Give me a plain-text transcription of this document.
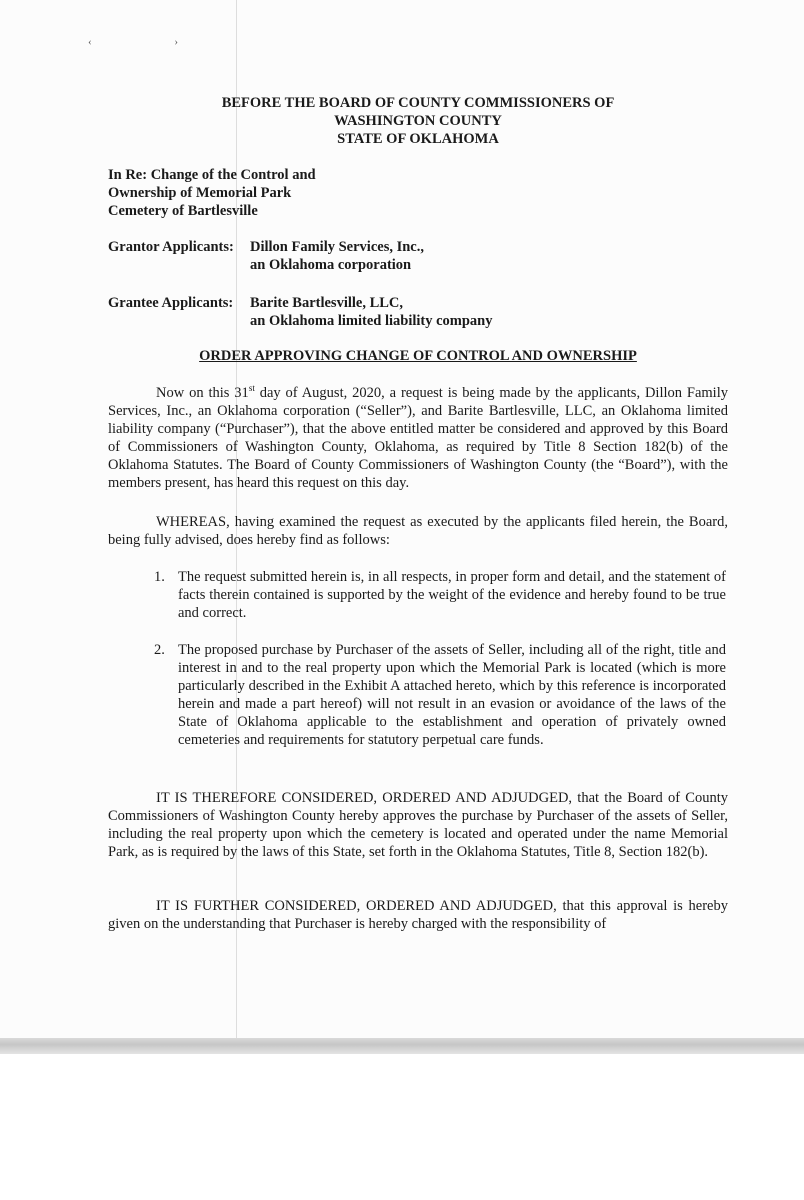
‹ ›
BEFORE THE BOARD OF COUNTY COMMISSIONERS OF
WASHINGTON COUNTY
STATE OF OKLAHOMA
In Re: Change of the Control and
Ownership of Memorial Park
Cemetery of Bartlesville
Grantor Applicants: Dillon Family Services, Inc.,
an Oklahoma corporation
Grantee Applicants: Barite Bartlesville, LLC,
an Oklahoma limited liability company
ORDER APPROVING CHANGE OF CONTROL AND OWNERSHIP

Now on this 31st day of August, 2020, a request is being made by the applicants, Dillon Family Services, Inc., an Oklahoma corporation (“Seller”), and Barite Bartlesville, LLC, an Oklahoma limited liability company (“Purchaser”), that the above entitled matter be considered and approved by this Board of Commissioners of Washington County, Oklahoma, as required by Title 8 Section 182(b) of the Oklahoma Statutes. The Board of County Commissioners of Washington County (the “Board”), with the members present, has heard this request on this day.

WHEREAS, having examined the request as executed by the applicants filed herein, the Board, being fully advised, does hereby find as follows:

1. The request submitted herein is, in all respects, in proper form and detail, and the statement of facts therein contained is supported by the weight of the evidence and hereby found to be true and correct.
2. The proposed purchase by Purchaser of the assets of Seller, including all of the right, title and interest in and to the real property upon which the Memorial Park is located (which is more particularly described in the Exhibit A attached hereto, which by this reference is incorporated herein and made a part hereof) will not result in an evasion or avoidance of the laws of the State of Oklahoma applicable to the establishment and operation of privately owned cemeteries and requirements for statutory perpetual care funds.

IT IS THEREFORE CONSIDERED, ORDERED AND ADJUDGED, that the Board of County Commissioners of Washington County hereby approves the purchase by Purchaser of the assets of Seller, including the real property upon which the cemetery is located and operated under the name Memorial Park, as is required by the laws of this State, set forth in the Oklahoma Statutes, Title 8, Section 182(b).

IT IS FURTHER CONSIDERED, ORDERED AND ADJUDGED, that this approval is hereby given on the understanding that Purchaser is hereby charged with the responsibility of
